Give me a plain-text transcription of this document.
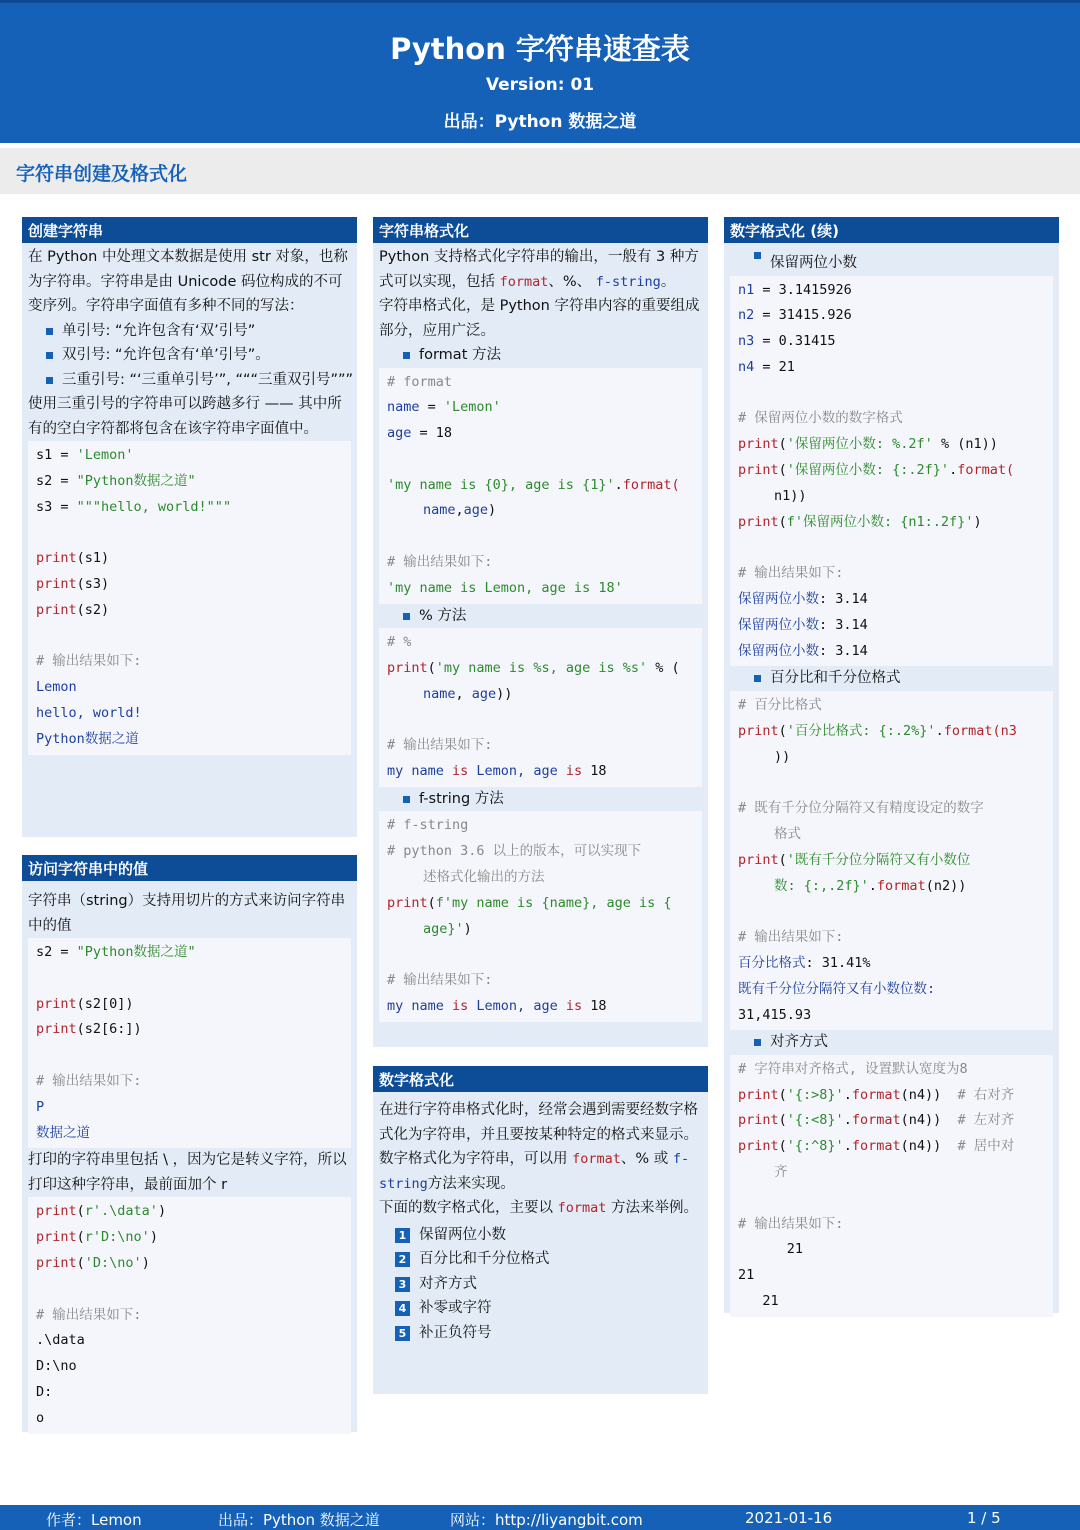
Python 字符串速查表
Version: 01
出品：Python 数据之道
字符串创建及格式化
创建字符串
在 Python 中处理文本数据是使用 str 对象，也称为字符串。字符串是由 Unicode 码位构成的不可变序列。字符串字面值有多种不同的写法：
单引号: “允许包含有‘双’引号”
双引号: “允许包含有‘单’引号”。
三重引号: “‘三重单引号’”, “““三重双引号”””
使用三重引号的字符串可以跨越多行 —— 其中所有的空白字符都将包含在该字符串字面值中。
s1 = 'Lemon'
s2 = "Python数据之道"
s3 = """hello, world!"""
print(s1)
print(s3)
print(s2)
# 输出结果如下:
Lemon
hello, world!
Python数据之道
访问字符串中的值
字符串（string）支持用切片的方式来访问字符串中的值
s2 = "Python数据之道"
print(s2[0])
print(s2[6:])
# 输出结果如下:
P
数据之道
打印的字符串里包括 \ ，因为它是转义字符，所以打印这种字符串，最前面加个 r
print(r'.\data')
print(r'D:\no')
print('D:\no')
# 输出结果如下:
.\data
D:\no
D:
o
字符串格式化
Python 支持格式化字符串的输出，一般有 3 种方式可以实现，包括 format、%、 f-string。
字符串格式化，是 Python 字符串内容的重要组成部分，应用广泛。
format 方法
# format
name = 'Lemon'
age = 18
'my name is {0}, age is {1}'.format(
name,age)
# 输出结果如下:
'my name is Lemon, age is 18'
% 方法
# %
print('my name is %s, age is %s' % (
name, age))
# 输出结果如下:
my name is Lemon, age is 18
f-string 方法
# f-string
# python 3.6 以上的版本，可以实现下
述格式化输出的方法
print(f'my name is {name}, age is {
age}')
# 输出结果如下:
my name is Lemon, age is 18
数字格式化
在进行字符串格式化时，经常会遇到需要经数字格式化为字符串，并且要按某种特定的格式来显示。
数字格式化为字符串，可以用 format、% 或 f-string方法来实现。
下面的数字格式化，主要以 format 方法来举例。
1 保留两位小数
2 百分比和千分位格式
3 对齐方式
4 补零或字符
5 补正负符号
数字格式化 (续)
保留两位小数
n1 = 3.1415926
n2 = 31415.926
n3 = 0.31415
n4 = 21
# 保留两位小数的数字格式
print('保留两位小数: %.2f' % (n1))
print('保留两位小数: {:.2f}'.format(
n1))
print(f'保留两位小数: {n1:.2f}')
# 输出结果如下:
保留两位小数: 3.14
保留两位小数: 3.14
保留两位小数: 3.14
百分比和千分位格式
# 百分比格式
print('百分比格式: {:.2%}'.format(n3
))
# 既有千分位分隔符又有精度设定的数字
格式
print('既有千分位分隔符又有小数位
数: {:,.2f}'.format(n2))
# 输出结果如下:
百分比格式: 31.41%
既有千分位分隔符又有小数位数:
31,415.93
对齐方式
# 字符串对齐格式, 设置默认宽度为8
print('{:>8}'.format(n4))  # 右对齐
print('{:<8}'.format(n4))  # 左对齐
print('{:^8}'.format(n4))  # 居中对
齐
# 输出结果如下:
21
21
21
作者：Lemon	出品：Python 数据之道	网站：http://liyangbit.com	2021-01-16	1 / 5
